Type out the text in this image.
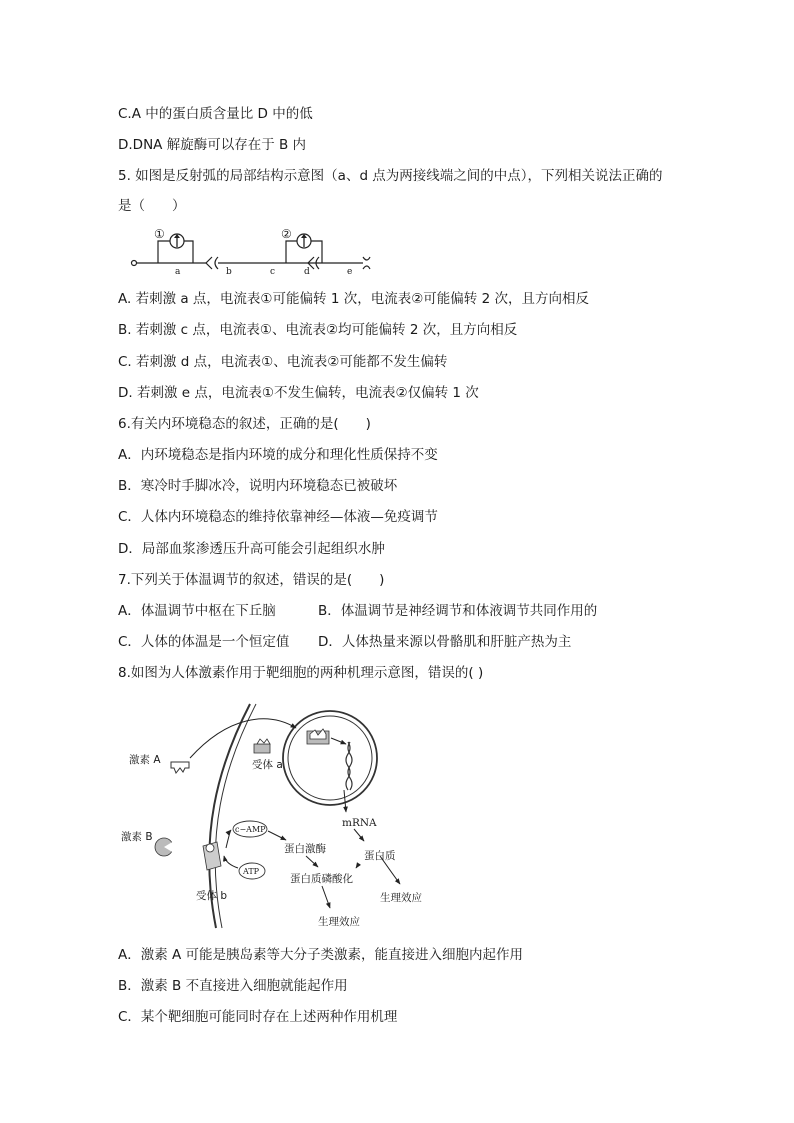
C.A 中的蛋白质含量比 D 中的低
D.DNA 解旋酶可以存在于 B 内
5. 如图是反射弧的局部结构示意图（a、d 点为两接线端之间的中点），下列相关说法正确的
是（　　）
①	②
a	b	c	d	e
A. 若刺激 a 点，电流表①可能偏转 1 次，电流表②可能偏转 2 次，且方向相反
B. 若刺激 c 点，电流表①、电流表②均可能偏转 2 次，且方向相反
C. 若刺激 d 点，电流表①、电流表②可能都不发生偏转
D. 若刺激 e 点，电流表①不发生偏转，电流表②仅偏转 1 次
6.有关内环境稳态的叙述，正确的是(　　)
A．内环境稳态是指内环境的成分和理化性质保持不变
B．寒冷时手脚冰冷，说明内环境稳态已被破坏
C．人体内环境稳态的维持依靠神经—体液—免疫调节
D．局部血浆渗透压升高可能会引起组织水肿
7.下列关于体温调节的叙述，错误的是(　　)
A．体温调节中枢在下丘脑	B．体温调节是神经调节和体液调节共同作用的
C．人体的体温是一个恒定值 D．人体热量来源以骨骼肌和肝脏产热为主
8.如图为人体激素作用于靶细胞的两种机理示意图，错误的( )
激素 A	受体 a
mRNA
激素 B
c−AMP
ATP
蛋白激酶
蛋白质
蛋白质磷酸化
生理效应
受体 b
生理效应
A．激素 A 可能是胰岛素等大分子类激素，能直接进入细胞内起作用
B．激素 B 不直接进入细胞就能起作用
C．某个靶细胞可能同时存在上述两种作用机理
